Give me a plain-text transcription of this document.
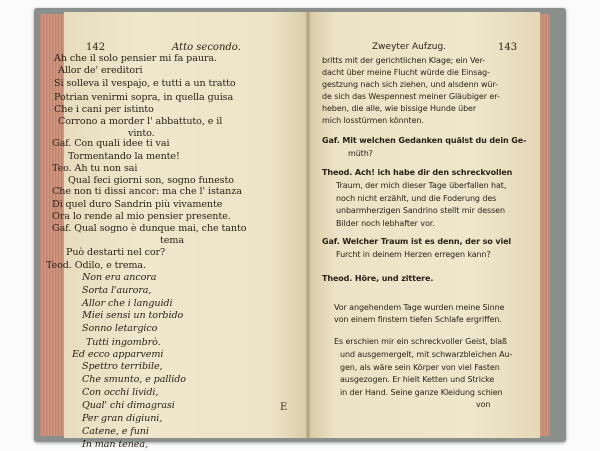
142	Atto secondo.
Ah che il solo pensier mi fa paura.
Allor de' ereditori
Si solleva il vespajo, e tutti a un tratto
Potrian venirmi sopra, in quella guisa
Che i cani per istinto
Corrono a morder l' abbattuto, e il
vinto.
Gaf. Con quali idee ti vai
Tormentando la mente!
Teo. Ah tu non sai
Qual feci giorni son, sogno funesto
Che non ti dissi ancor: ma che l' istanza
Di quel duro Sandrin più vivamente
Ora lo rende al mio pensier presente.
Gaf. Qual sogno è dunque mai, che tanto
tema
Può destarti nel cor?
Teod. Odilo, e trema.
Non era ancora
Sorta l'aurora,
Allor che i languidi
Miei sensi un torbido
Sonno letargico
Tutti ingombrò.
Ed ecco apparvemi
Spettro terribile,
Che smunto, e pallido
Con occhi lividi,
Qual' chi dimagrasi
Per gran digiuni,
Catene, e funi
In man tenea,
Zweyter Aufzug.	143
britts mit der gerichtlichen Klage; ein Ver-
dacht über meine Flucht würde die Einsag-
gestzung nach sich ziehen, und alsdenn wür-
de sich das Wespennest meiner Gläubiger er-
heben, die alle, wie bissige Hunde über
mich losstürmen könnten.
Gaf. Mit welchen Gedanken quälst du dein Ge-
müth?
Theod. Ach! ich habe dir den schreckvollen
Traum, der mich dieser Tage überfallen hat,
noch nicht erzählt, und die Foderung des
unbarmherzigen Sandrino stellt mir dessen
Bilder noch lebhafter vor.
Gaf. Welcher Traum ist es denn, der so viel
Furcht in deinem Herzen erregen kann?
Theod. Höre, und zittere.
Vor angehendem Tage wurden meine Sinne
von einem finstern tiefen Schlafe ergriffen.
Es erschien mir ein schreckvoller Geist, blaß
und ausgemergelt, mit schwarzbleichen Au-
gen, als wäre sein Körper von viel Fasten
ausgezogen. Er hielt Ketten und Stricke
in der Hand. Seine ganze Kleidung schien
von
E
